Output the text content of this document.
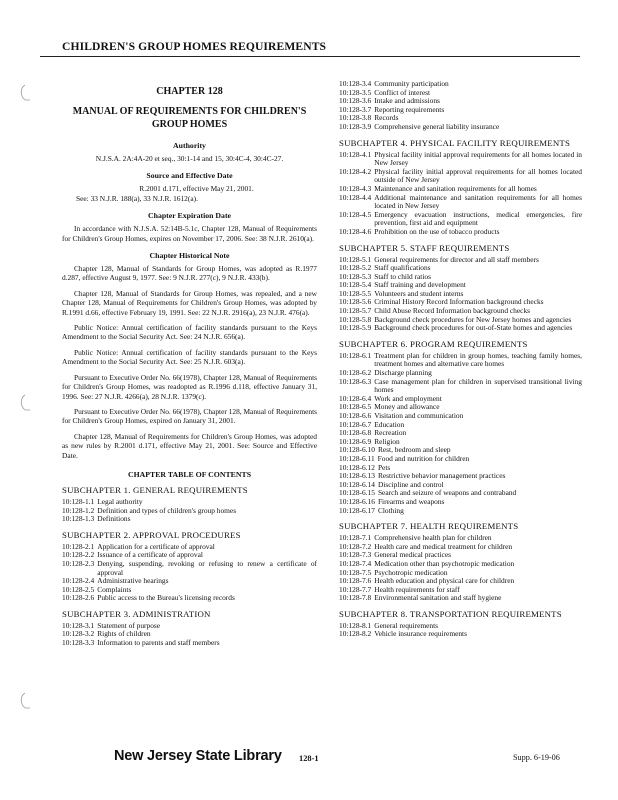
CHILDREN'S GROUP HOMES REQUIREMENTS
CHAPTER 128
MANUAL OF REQUIREMENTS FOR CHILDREN'S GROUP HOMES
Authority
N.J.S.A. 2A:4A-20 et seq., 30:1-14 and 15, 30:4C-4, 30:4C-27.
Source and Effective Date
R.2001 d.171, effective May 21, 2001.
See: 33 N.J.R. 188(a), 33 N.J.R. 1612(a).
Chapter Expiration Date

In accordance with N.J.S.A. 52:14B-5.1c, Chapter 128, Manual of Requirements for Children's Group Homes, expires on November 17, 2006. See: 38 N.J.R. 2610(a).

Chapter Historical Note

Chapter 128, Manual of Standards for Group Homes, was adopted as R.1977 d.287, effective August 9, 1977. See: 9 N.J.R. 277(c), 9 N.J.R. 433(b).

Chapter 128, Manual of Standards for Group Homes, was repealed, and a new Chapter 128, Manual of Requirements for Children's Group Homes, was adopted by R.1991 d.66, effective February 19, 1991. See: 22 N.J.R. 2916(a), 23 N.J.R. 476(a).

Public Notice: Annual certification of facility standards pursuant to the Keys Amendment to the Social Security Act. See: 24 N.J.R. 656(a).

Public Notice: Annual certification of facility standards pursuant to the Keys Amendment to the Social Security Act. See: 25 N.J.R. 603(a).

Pursuant to Executive Order No. 66(1978), Chapter 128, Manual of Requirements for Children's Group Homes, was readopted as R.1996 d.118, effective January 31, 1996. See: 27 N.J.R. 4266(a), 28 N.J.R. 1379(c).

Pursuant to Executive Order No. 66(1978), Chapter 128, Manual of Requirements for Children's Group Homes, expired on January 31, 2001.

Chapter 128, Manual of Requirements for Children's Group Homes, was adopted as new rules by R.2001 d.171, effective May 21, 2001. See: Source and Effective Date.

CHAPTER TABLE OF CONTENTS
SUBCHAPTER 1. GENERAL REQUIREMENTS
10:128-1.1 Legal authority
10:128-1.2 Definition and types of children's group homes
10:128-1.3 Definitions
SUBCHAPTER 2. APPROVAL PROCEDURES
10:128-2.1 Application for a certificate of approval
10:128-2.2 Issuance of a certificate of approval
10:128-2.3 Denying, suspending, revoking or refusing to renew a certificate of approval
10:128-2.4 Administrative hearings
10:128-2.5 Complaints
10:128-2.6 Public access to the Bureau's licensing records
SUBCHAPTER 3. ADMINISTRATION
10:128-3.1 Statement of purpose
10:128-3.2 Rights of children
10:128-3.3 Information to parents and staff members
10:128-3.4 Community participation
10:128-3.5 Conflict of interest
10:128-3.6 Intake and admissions
10:128-3.7 Reporting requirements
10:128-3.8 Records
10:128-3.9 Comprehensive general liability insurance
SUBCHAPTER 4. PHYSICAL FACILITY REQUIREMENTS
10:128-4.1 Physical facility initial approval requirements for all homes located in New Jersey
10:128-4.2 Physical facility initial approval requirements for all homes located outside of New Jersey
10:128-4.3 Maintenance and sanitation requirements for all homes
10:128-4.4 Additional maintenance and sanitation requirements for all homes located in New Jersey
10:128-4.5 Emergency evacuation instructions, medical emergencies, fire prevention, first aid and equipment
10:128-4.6 Prohibition on the use of tobacco products
SUBCHAPTER 5. STAFF REQUIREMENTS
10:128-5.1 General requirements for director and all staff members
10:128-5.2 Staff qualifications
10:128-5.3 Staff to child ratios
10:128-5.4 Staff training and development
10:128-5.5 Volunteers and student interns
10:128-5.6 Criminal History Record Information background checks
10:128-5.7 Child Abuse Record Information background checks
10:128-5.8 Background check procedures for New Jersey homes and agencies
10:128-5.9 Background check procedures for out-of-State homes and agencies
SUBCHAPTER 6. PROGRAM REQUIREMENTS
10:128-6.1 Treatment plan for children in group homes, teaching family homes, treatment homes and alternative care homes
10:128-6.2 Discharge planning
10:128-6.3 Case management plan for children in supervised transitional living homes
10:128-6.4 Work and employment
10:128-6.5 Money and allowance
10:128-6.6 Visitation and communication
10:128-6.7 Education
10:128-6.8 Recreation
10:128-6.9 Religion
10:128-6.10 Rest, bedroom and sleep
10:128-6.11 Food and nutrition for children
10:128-6.12 Pets
10:128-6.13 Restrictive behavior management practices
10:128-6.14 Discipline and control
10:128-6.15 Search and seizure of weapons and contraband
10:128-6.16 Firearms and weapons
10:128-6.17 Clothing
SUBCHAPTER 7. HEALTH REQUIREMENTS
10:128-7.1 Comprehensive health plan for children
10:128-7.2 Health care and medical treatment for children
10:128-7.3 General medical practices
10:128-7.4 Medication other than psychotropic medication
10:128-7.5 Psychotropic medication
10:128-7.6 Health education and physical care for children
10:128-7.7 Health requirements for staff
10:128-7.8 Environmental sanitation and staff hygiene
SUBCHAPTER 8. TRANSPORTATION REQUIREMENTS
10:128-8.1 General requirements
10:128-8.2 Vehicle insurance requirements
New Jersey State Library 128-1	Supp. 6-19-06
